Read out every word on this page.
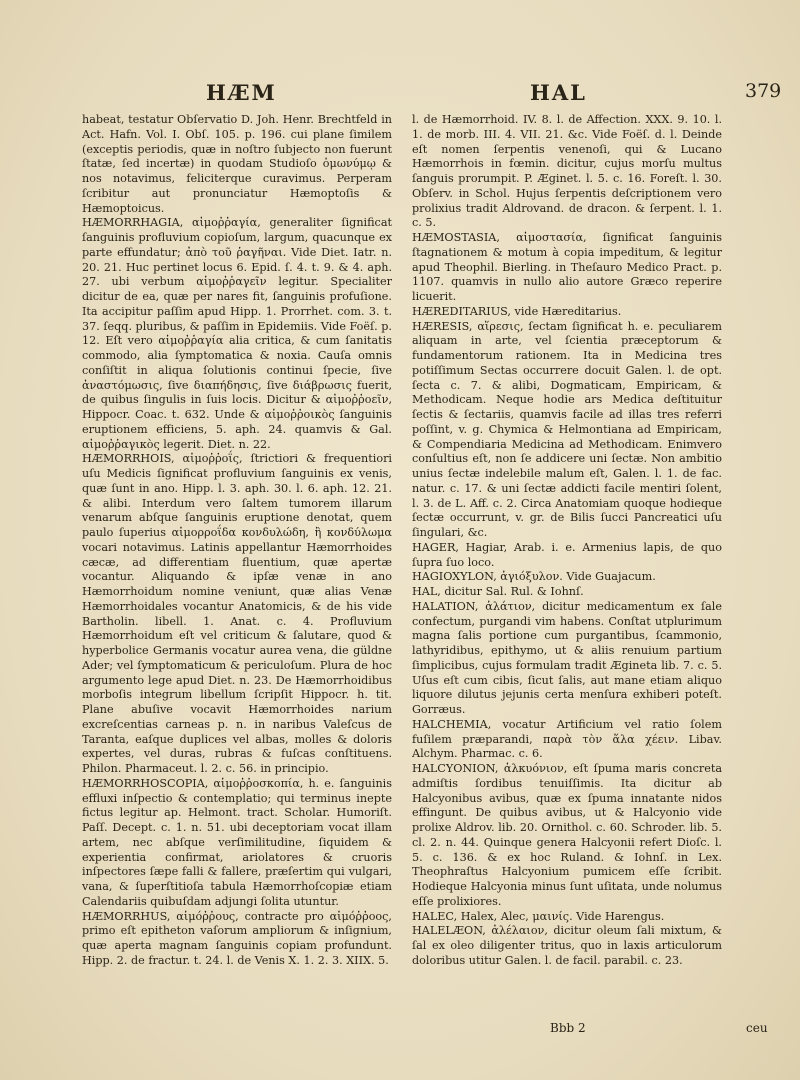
HÆM	HAL	379

habeat, testatur Obſervatio D. Joh. Henr. Brechtfeld in Act. Hafn. Vol. I. Obſ. 105. p. 196. cui plane ſimilem (exceptis periodis, quæ in noſtro ſubjecto non fuerunt ſtatæ, ſed incertæ) in quodam Studioſo ὁμωνύμῳ & nos notavimus, feliciterque curavimus. Perperam ſcribitur aut pronunciatur Hæmoptoſis & Hæmoptoicus.

HÆMORRHAGIA, αἱμοῤῥαγία, generaliter ſignificat ſanguinis profluvium copioſum, largum, quacunque ex parte effundatur; ἀπὸ τοῦ ῥαγῆναι. Vide Diet. Iatr. n. 20. 21. Huc pertinet locus 6. Epid. ſ. 4. t. 9. & 4. aph. 27. ubi verbum αἱμοῤῥαγεῖν legitur. Specialiter dicitur de ea, quæ per nares fit, ſanguinis profuſione. Ita accipitur paſſim apud Hipp. 1. Prorrhet. com. 3. t. 37. ſeqq. pluribus, & paſſim in Epidemiis. Vide Foëſ. p. 12. Eſt vero αἱμοῤῥαγία alia critica, & cum ſanitatis commodo, alia ſymptomatica & noxia. Cauſa omnis conſiſtit in aliqua ſolutionis continui ſpecie, ſive ἀναστόμωσις, ſive διαπήδησις, ſive διάβρωσις fuerit, de quibus ſingulis in ſuis locis. Dicitur & αἱμοῤῥοεῖν, Hippocr. Coac. t. 632. Unde & αἱμοῤῥοικὸς ſanguinis eruptionem efficiens, 5. aph. 24. quamvis & Gal. αἱμοῤῥαγικὸς legerit. Diet. n. 22.

HÆMORRHOIS, αἱμοῤῥοΐς, ſtrictiori & frequentiori uſu Medicis ſignificat profluvium ſanguinis ex venis, quæ ſunt in ano. Hipp. l. 3. aph. 30. l. 6. aph. 12. 21. & alibi. Interdum vero ſaltem tumorem illarum venarum abſque ſanguinis eruptione denotat, quem paulo ſuperius αἱμορροΐδα κονδυλώδη, ἢ κονδύλωμα vocari notavimus. Latinis appellantur Hæmorrhoides cæcæ, ad differentiam fluentium, quæ apertæ vocantur. Aliquando & ipſæ venæ in ano Hæmorrhoidum nomine veniunt, quæ alias Venæ Hæmorrhoidales vocantur Anatomicis, & de his vide Bartholin. libell. 1. Anat. c. 4. Profluvium Hæmorrhoidum eſt vel criticum & ſalutare, quod & hyperbolice Germanis vocatur aurea vena, die güldne Ader; vel ſymptomaticum & periculoſum. Plura de hoc argumento lege apud Diet. n. 23. De Hæmorrhoidibus morboſis integrum libellum ſcripſit Hippocr. h. tit. Plane abuſive vocavit Hæmorrhoides narium excreſcentias carneas p. n. in naribus Valeſcus de Taranta, eaſque duplices vel albas, molles & doloris expertes, vel duras, rubras & fuſcas conſtituens. Philon. Pharmaceut. l. 2. c. 56. in principio.

HÆMORRHOSCOPIA, αἱμοῤῥοσκοπία, h. e. ſanguinis effluxi inſpectio & contemplatio; qui terminus inepte fictus legitur ap. Helmont. tract. Scholar. Humoriſt. Paſſ. Decept. c. 1. n. 51. ubi deceptoriam vocat illam artem, nec abſque verſimilitudine, ſiquidem & experientia confirmat, ariolatores & cruoris inſpectores ſæpe falli & fallere, præſertim qui vulgari, vana, & ſuperſtitioſa tabula Hæmorrhoſcopiæ etiam Calendariis quibuſdam adjungi ſolita utuntur.

HÆMORRHUS, αἱμόῤῥους, contracte pro αἱμόῤῥοος, primo eſt epitheton vaſorum ampliorum & inſignium, quæ aperta magnam ſanguinis copiam profundunt. Hipp. 2. de fractur. t. 24. l. de Venis X. 1. 2. 3. XIIX. 5.

l. de Hæmorrhoid. IV. 8. l. de Affection. XXX. 9. 10. l. 1. de morb. III. 4. VII. 21. &c. Vide Foëſ. d. l. Deinde eſt nomen ſerpentis venenoſi, qui & Lucano Hæmorrhois in fœmin. dicitur, cujus morſu multus ſanguis prorumpit. P. Æginet. l. 5. c. 16. Foreſt. l. 30. Obſerv. in Schol. Hujus ſerpentis deſcriptionem vero prolixius tradit Aldrovand. de dracon. & ſerpent. l. 1. c. 5.

HÆMOSTASIA, αἱμοστασία, ſignificat ſanguinis ſtagnationem & motum à copia impeditum, & legitur apud Theophil. Bierling. in Theſauro Medico Pract. p. 1107. quamvis in nullo alio autore Græco reperire licuerit.

HÆREDITARIUS, vide Hæreditarius.

HÆRESIS, αἵρεσις, ſectam ſignificat h. e. peculiarem aliquam in arte, vel ſcientia præceptorum & fundamentorum rationem. Ita in Medicina tres potiſſimum Sectas occurrere docuit Galen. l. de opt. ſecta c. 7. & alibi, Dogmaticam, Empiricam, & Methodicam. Neque hodie ars Medica deſtituitur ſectis & ſectariis, quamvis facile ad illas tres referri poſſint, v. g. Chymica & Helmontiana ad Empiricam, & Compendiaria Medicina ad Methodicam. Enimvero conſultius eſt, non ſe addicere uni ſectæ. Non ambitio unius ſectæ indelebile malum eſt, Galen. l. 1. de fac. natur. c. 17. & uni ſectæ addicti facile mentiri ſolent, l. 3. de L. Aff. c. 2. Circa Anatomiam quoque hodieque ſectæ occurrunt, v. gr. de Bilis ſucci Pancreatici uſu ſingulari, &c.

HAGER, Hagiar, Arab. i. e. Armenius lapis, de quo ſupra ſuo loco.

HAGIOXYLON, ἁγιόξυλον. Vide Guajacum.

HAL, dicitur Sal. Rul. & Iohnſ.

HALATION, ἁλάτιον, dicitur medicamentum ex ſale confectum, purgandi vim habens. Conſtat utplurimum magna ſalis portione cum purgantibus, ſcammonio, lathyridibus, epithymo, ut & aliis renuium partium ſimplicibus, cujus formulam tradit Ægineta lib. 7. c. 5. Uſus eſt cum cibis, ſicut ſalis, aut mane etiam aliquo liquore dilutus jejunis certa menſura exhiberi poteſt. Gorræus.

HALCHEMIA, vocatur Artificium vel ratio ſolem fuſilem præparandi, παρὰ τὸν ἅλα χέειν. Libav. Alchym. Pharmac. c. 6.

HALCYONION, ἁλκυόνιον, eſt ſpuma maris concreta admiſtis ſordibus tenuiſſimis. Ita dicitur ab Halcyonibus avibus, quæ ex ſpuma innatante nidos effingunt. De quibus avibus, ut & Halcyonio vide prolixe Aldrov. lib. 20. Ornithol. c. 60. Schroder. lib. 5. cl. 2. n. 44. Quinque genera Halcyonii refert Dioſc. l. 5. c. 136. & ex hoc Ruland. & Iohnſ. in Lex. Theophraſtus Halcyonium pumicem eſſe ſcribit. Hodieque Halcyonia minus ſunt uſitata, unde nolumus eſſe prolixiores.

HALEC, Halex, Alec, μαινίς. Vide Harengus.

HALELÆON, ἁλέλαιον, dicitur oleum ſali mixtum, & ſal ex oleo diligenter tritus, quo in laxis articulorum doloribus utitur Galen. l. de facil. parabil. c. 23.

Bbb 2	ceu
